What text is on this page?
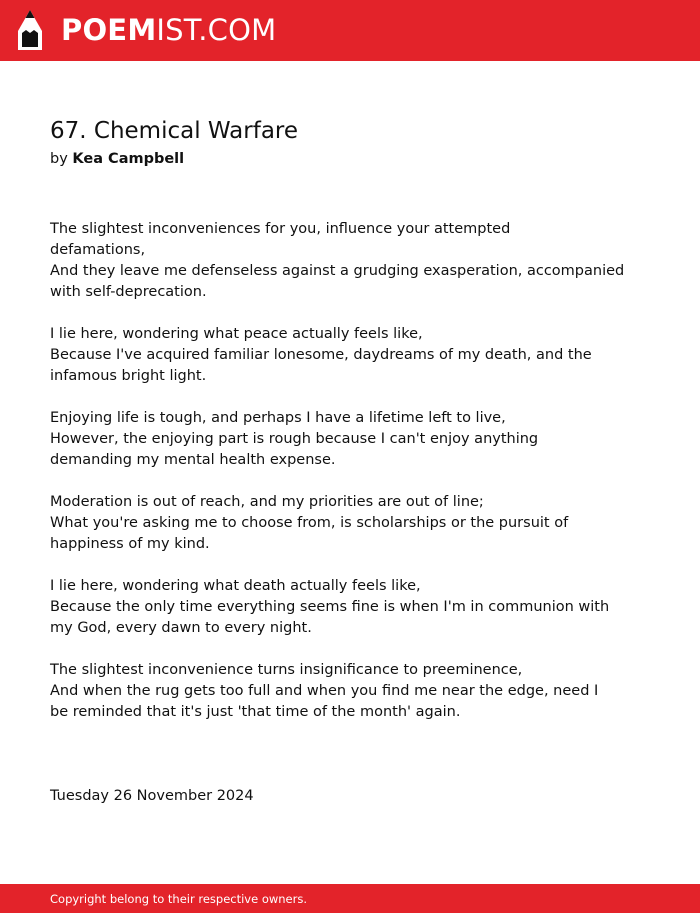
POEMIST.COM
67. Chemical Warfare
by Kea Campbell
The slightest inconveniences for you, influence your attempted
defamations,
And they leave me defenseless against a grudging exasperation, accompanied
with self-deprecation.
I lie here, wondering what peace actually feels like,
Because I've acquired familiar lonesome, daydreams of my death, and the
infamous bright light.
Enjoying life is tough, and perhaps I have a lifetime left to live,
However, the enjoying part is rough because I can't enjoy anything
demanding my mental health expense.
Moderation is out of reach, and my priorities are out of line;
What you're asking me to choose from, is scholarships or the pursuit of
happiness of my kind.
I lie here, wondering what death actually feels like,
Because the only time everything seems fine is when I'm in communion with
my God, every dawn to every night.
The slightest inconvenience turns insignificance to preeminence,
And when the rug gets too full and when you find me near the edge, need I
be reminded that it's just 'that time of the month' again.
Tuesday 26 November 2024
Copyright belong to their respective owners.
